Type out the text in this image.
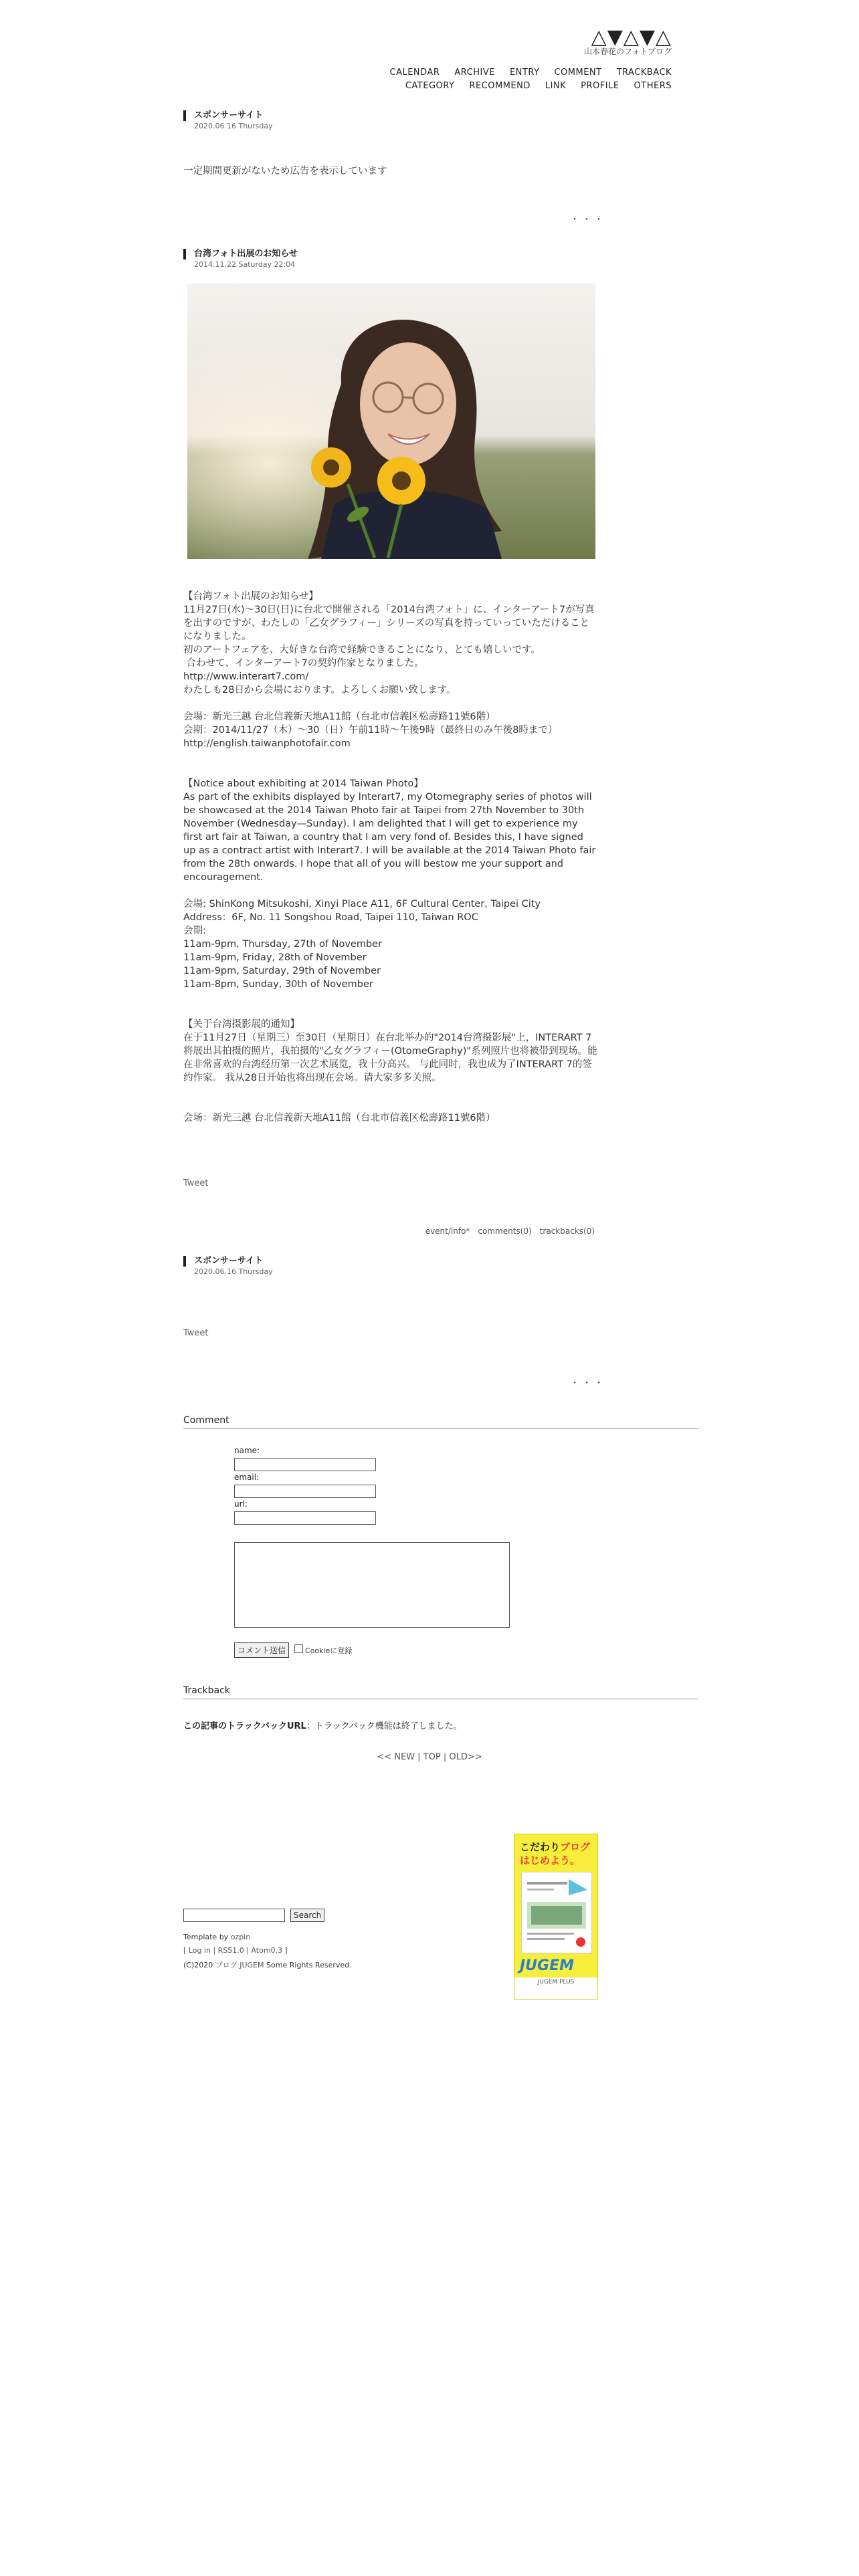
△▼△▼△
山本春花のフォトブログ
CALENDAR ARCHIVE ENTRY COMMENT TRACKBACK
CATEGORY RECOMMEND LINK PROFILE OTHERS
スポンサーサイト
2020.06.16 Thursday
一定期間更新がないため広告を表示しています
・・・
台湾フォト出展のお知らせ
2014.11.22 Saturday 22:04
【台湾フォト出展のお知らせ】
11月27日(水)〜30日(日)に台北で開催される「2014台湾フォト」に、インターアート7が写真を出すのですが、わたしの「乙女グラフィー」シリーズの写真を持っていっていただけることになりました。
初のアートフェアを、大好きな台湾で経験できることになり、とても嬉しいです。
合わせて、インターアート7の契約作家となりました。
http://www.interart7.com/
わたしも28日から会場におります。よろしくお願い致します。
会場：新光三越 台北信義新天地A11館（台北市信義区松壽路11號6階）
会期：2014/11/27（木）〜30（日）午前11時〜午後9時（最終日のみ午後8時まで）
http://english.taiwanphotofair.com
【Notice about exhibiting at 2014 Taiwan Photo】
As part of the exhibits displayed by Interart7, my Otomegraphy series of photos will be showcased at the 2014 Taiwan Photo fair at Taipei from 27th November to 30th November (Wednesday—Sunday). I am delighted that I will get to experience my first art fair at Taiwan, a country that I am very fond of. Besides this, I have signed up as a contract artist with Interart7. I will be available at the 2014 Taiwan Photo fair from the 28th onwards. I hope that all of you will bestow me your support and encouragement.
会場: ShinKong Mitsukoshi, Xinyi Place A11, 6F Cultural Center, Taipei City
Address：6F, No. 11 Songshou Road, Taipei 110, Taiwan ROC
会期:
11am-9pm, Thursday, 27th of November
11am-9pm, Friday, 28th of November
11am-9pm, Saturday, 29th of November
11am-8pm, Sunday, 30th of November
【关于台湾摄影展的通知】
在于11月27日（星期三）至30日（星期日）在台北举办的"2014台湾摄影展"上，INTERART 7将展出其拍摄的照片，我拍摄的"乙女グラフィー(OtomeGraphy)"系列照片也将被带到现场。能在非常喜欢的台湾经历第一次艺术展览，我十分高兴。 与此同时，我也成为了INTERART 7的签约作家。 我从28日开始也将出现在会场。请大家多多关照。
会场：新光三越 台北信義新天地A11館（台北市信義区松壽路11號6階）
Tweet
event/info* comments(0) trackbacks(0)
スポンサーサイト
2020.06.16 Thursday
Tweet
・・・
Comment
name:
email:
url:
コメント送信	Cookieに登録
Trackback
この記事のトラックバックURL：トラックバック機能は終了しました。
<< NEW | TOP | OLD>>
Search
Template by ozpin
[ Log in | RSS1.0 | Atom0.3 ]
(C)2020 ブログ JUGEM Some Rights Reserved.
こだわりブログ
はじめよう。
JUGEM
JUGEM PLUS
